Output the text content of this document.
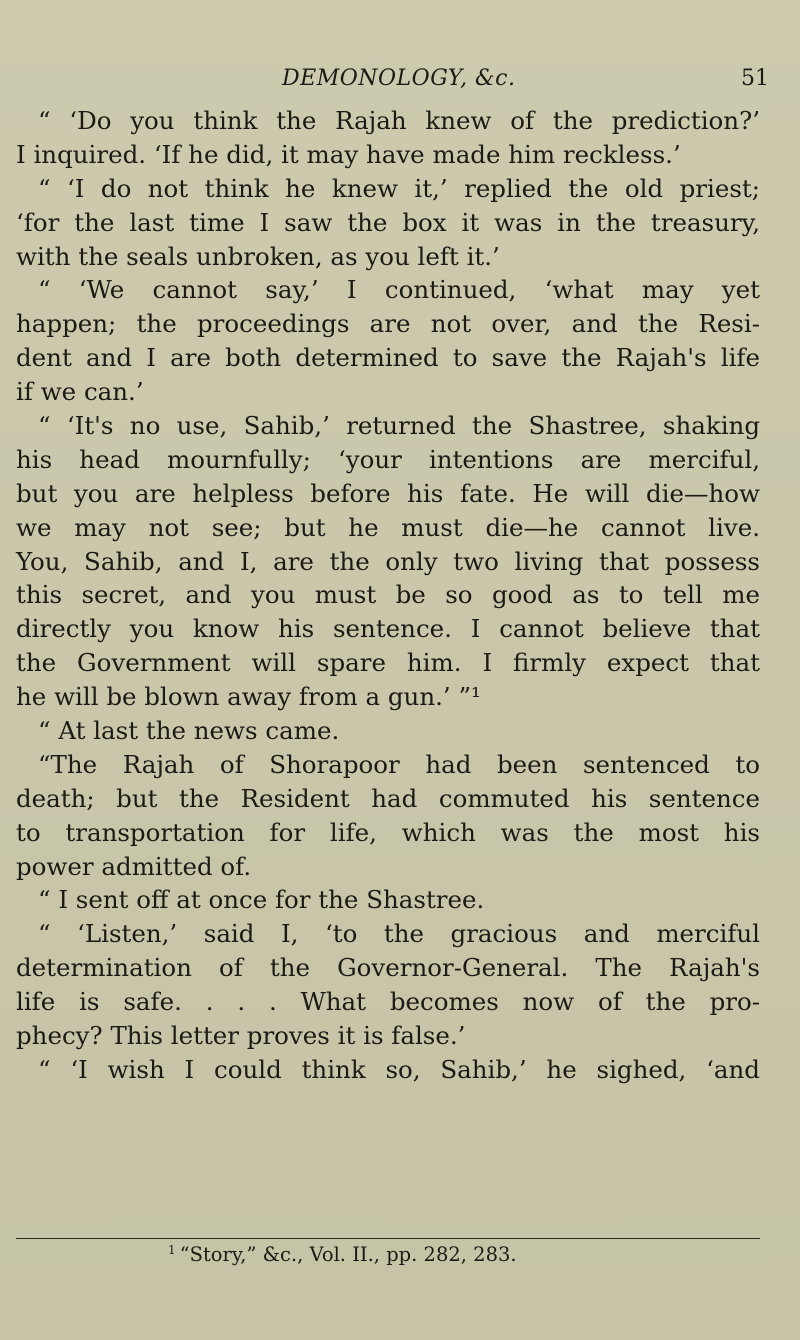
DEMONOLOGY, &c.	51
“ ‘Do you think the Rajah knew of the prediction?’
I inquired. ‘If he did, it may have made him reckless.’
“ ‘I do not think he knew it,’ replied the old priest;
‘for the last time I saw the box it was in the treasury,
with the seals unbroken, as you left it.’
“ ‘We cannot say,’ I continued, ‘what may yet
happen; the proceedings are not over, and the Resi-
dent and I are both determined to save the Rajah's life
if we can.’
“ ‘It's no use, Sahib,’ returned the Shastree, shaking
his head mournfully; ‘your intentions are merciful,
but you are helpless before his fate. He will die—how
we may not see; but he must die—he cannot live.
You, Sahib, and I, are the only two living that possess
this secret, and you must be so good as to tell me
directly you know his sentence. I cannot believe that
the Government will spare him. I firmly expect that
he will be blown away from a gun.’ ”¹
“ At last the news came.
“The Rajah of Shorapoor had been sentenced to
death; but the Resident had commuted his sentence
to transportation for life, which was the most his
power admitted of.
“ I sent off at once for the Shastree.
“ ‘Listen,’ said I, ‘to the gracious and merciful
determination of the Governor-General. The Rajah's
life is safe. . . . What becomes now of the pro-
phecy? This letter proves it is false.’
“ ‘I wish I could think so, Sahib,’ he sighed, ‘and
$^1$ “Story,” &c., Vol. II., pp. 282, 283.
